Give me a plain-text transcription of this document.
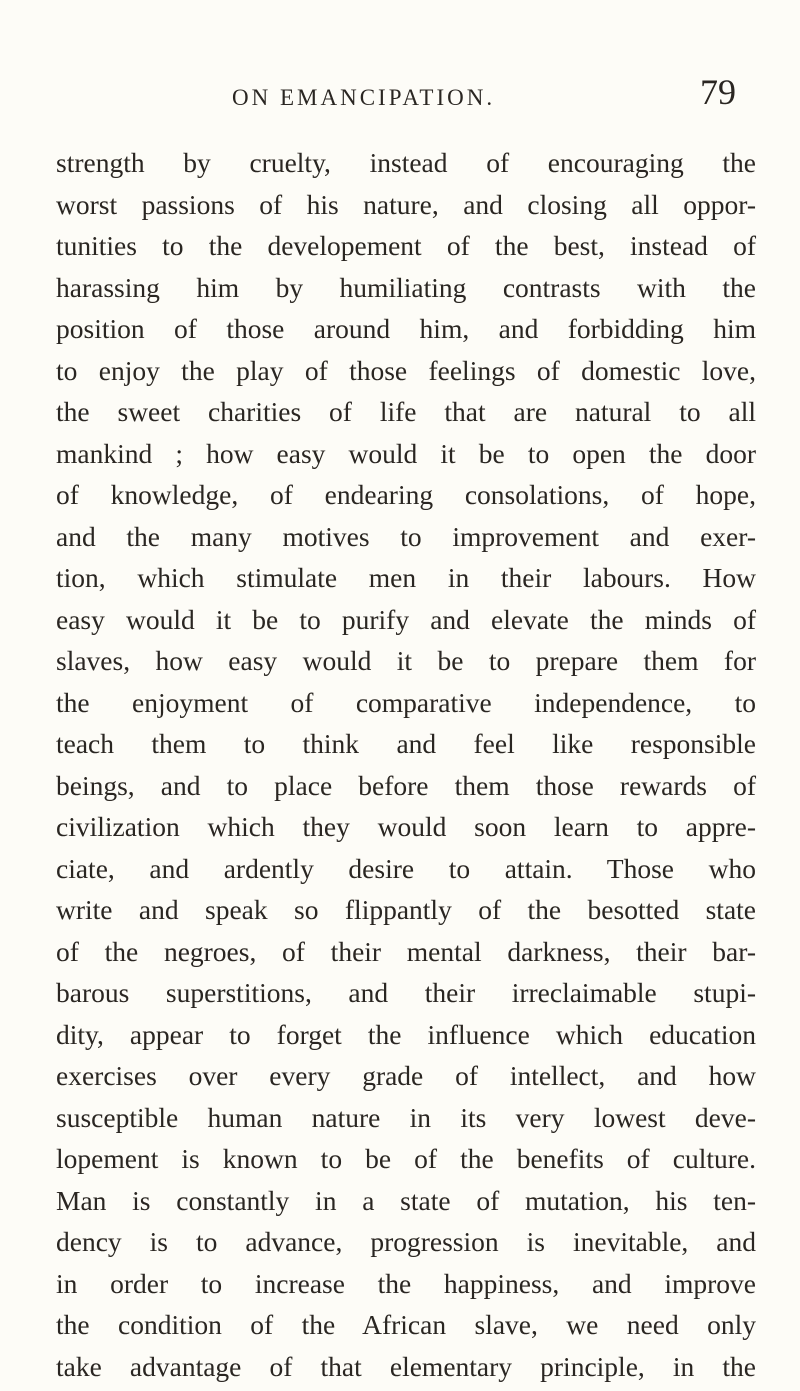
ON EMANCIPATION.	79
strength by cruelty, instead of encouraging the
worst passions of his nature, and closing all oppor-
tunities to the developement of the best, instead of
harassing him by humiliating contrasts with the
position of those around him, and forbidding him
to enjoy the play of those feelings of domestic love,
the sweet charities of life that are natural to all
mankind ; how easy would it be to open the door
of knowledge, of endearing consolations, of hope,
and the many motives to improvement and exer-
tion, which stimulate men in their labours. How
easy would it be to purify and elevate the minds of
slaves, how easy would it be to prepare them for
the enjoyment of comparative independence, to
teach them to think and feel like responsible
beings, and to place before them those rewards of
civilization which they would soon learn to appre-
ciate, and ardently desire to attain. Those who
write and speak so flippantly of the besotted state
of the negroes, of their mental darkness, their bar-
barous superstitions, and their irreclaimable stupi-
dity, appear to forget the influence which education
exercises over every grade of intellect, and how
susceptible human nature in its very lowest deve-
lopement is known to be of the benefits of culture.
Man is constantly in a state of mutation, his ten-
dency is to advance, progression is inevitable, and
in order to increase the happiness, and improve
the condition of the African slave, we need only
take advantage of that elementary principle, in the
